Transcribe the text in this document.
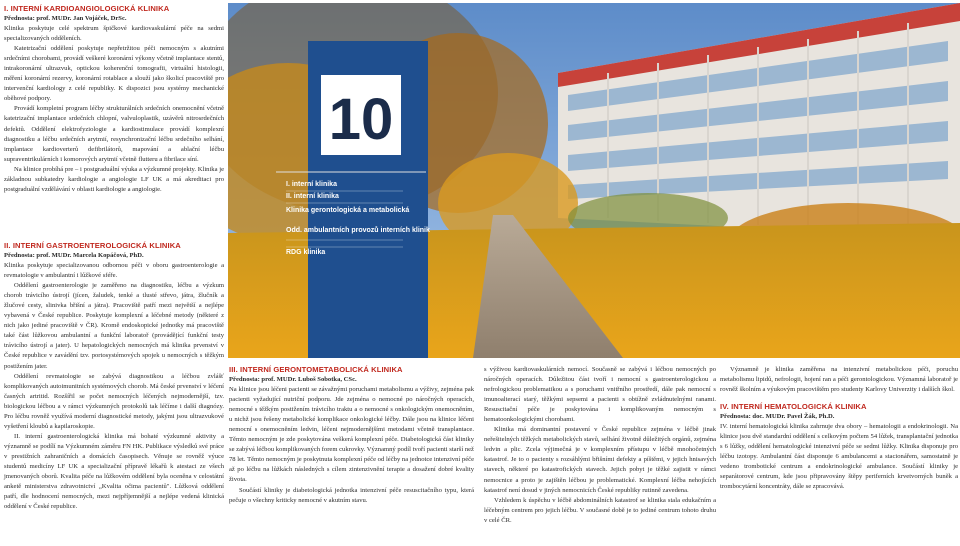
I. INTERNÍ KARDIOANGIOLOGICKÁ KLINIKA

Přednosta: prof. MUDr. Jan Vojáček, DrSc.

Klinika poskytuje celé spektrum špičkové kardiovaskulární péče na sedmi specializovaných odděleních.

Katetrizační oddělení poskytuje nepřetržitou péči nemocným s akutními srdečními chorobami, provádí veškeré koronární výkony včetně implantace stentů, intrakoronární ultrazvuk, optickou koherenční tomografii, virtuální histologii, měření koronární rezervy, koronární rotablace a slouží jako školicí pracoviště pro intervenční kardiology z celé republiky. K dispozici jsou systémy mechanické oběhové podpory.

Provádí kompletní program léčby strukturálních srdečních onemocnění včetně katetrizační implantace srdečních chlopní, valvuloplastik, uzávěrů nitrosrdečních defektů. Oddělení elektrofyziologie a kardiostimulace provádí komplexní diagnostiku a léčbu srdečních arytmií, resynchronizační léčbu srdečního selhání, implantace kardioverterů defibrilátorů, mapování a ablační léčbu supraventrikulárních i komorových arytmií včetně flutteru a fibrilace síní.

Na klinice probíhá pre – i postgraduální výuka a výzkumné projekty. Klinika je základnou subkatedry kardiologie a angiologie LF UK a má akreditaci pro postgraduální vzdělávání v oblasti kardiologie a angiologie.

II. INTERNÍ GASTROENTEROLOGICKÁ KLINIKA

Přednosta: prof. MUDr. Marcela Kopáčová, PhD.

Klinika poskytuje specializovanou odbornou péči v oboru gastroenterologie a revmatologie v ambulantní i lůžkové sféře.

Oddělení gastroenterologie je zaměřeno na diagnostiku, léčbu a výzkum chorob trávicího ústrojí (jícen, žaludek, tenké a tlusté střevo, játra, žlučník a žlučové cesty, slinivka břišní a játra). Pracoviště patří mezi největší a nejlépe vybavená v České republice. Poskytuje komplexní a léčebné metody (některé z nich jako jediné pracoviště v ČR). Kromě endoskopické jednotky má pracoviště také část lůžkovou ambulantní a funkční laboratoř (provádějící funkční testy trávicího ústrojí a jater). U hepatologických nemocných má klinika prvenství v České republice v zavádění tzv. portosystémových spojek u nemocných s těžkým postižením jater.

Oddělení revmatologie se zabývá diagnostikou a léčbou zvlášť komplikovaných autoimunitních systémových chorob. Má české prvenství v léčení časných artritid. Rozšířil se počet nemocných léčených nejmodernější, tzv. biologickou léčbou a v rámci výzkumných protokolů tak léčíme i další diagnózy. Pro léčbu rovněž využívá moderní diagnostické metody, jakými jsou ultrazvukové vyšetření kloubů a kapilaroskopie.

II. interní gastroenterologická klinika má bohaté výzkumné aktivity a významně se podílí na Výzkumném záměru FN HK. Publikace výsledků své práce v prestižních zahraničních a domácích časopisech. Věnuje se rovněž výuce studentů medicíny LF UK a specializační přípravě lékařů k atestaci ze všech jmenovaných oborů. Kvalita péče na lůžkovém oddělení byla oceněna v celostátní anketě ministerstva zdravotnictví „Kvalita očima pacientů". Lůžková oddělení patří, dle hodnocení nemocných, mezi nejpříjemnější a nejlépe vedená klinická oddělení v České republice.

10
I. interní klinika
II. interní klinika
Klinika gerontologická a metabolická
Odd. ambulantních provozů interních klinik
RDG klinika
III. INTERNÍ GERONTOMETABOLICKÁ KLINIKA

Přednosta: prof. MUDr. Luboš Sobotka, CSc.

Na klinice jsou léčeni pacienti se závažnými poruchami metabolismu a výživy, zejména pak pacienti vyžadující nutriční podporu. Jde zejména o nemocné po náročných operacích, nemocné s těžkým postižením trávicího traktu a o nemocné s onkologickým onemocněním, u nichž jsou řešeny metabolické komplikace onkologické léčby. Dále jsou na klinice léčeni nemocní s onemocněním ledvin, léčeni nejmodernějšími metodami včetně transplantace. Těmto nemocným je zde poskytována veškerá komplexní péče. Diabetologická část kliniky se zabývá léčbou komplikovaných forem cukrovky. Významný podíl tvoří pacienti starší než 78 let. Těmto nemocným je poskytnuta komplexní péče od léčby na jednotce intenzivní péče až po léčbu na lůžkách následných s cílem zintenzivnění terapie a dosažení dobré kvality života.

Součástí kliniky je diabetologická jednotka intenzivní péče resuscitačního typu, která pečuje o všechny kriticky nemocné v akutním stavu.

s výživou kardiovaskulárních nemocí. Současně se zabývá i léčbou nemocných po náročných operacích. Důležitou část tvoří i nemocní s gastroenterologickou a nefrologickou problematikou a s poruchami vnitřního prostředí, dále pak nemocní s imunoalterací starý, těžkými sepsemi a pacienti s obtížně zvládnutelnými ranami. Resuscitační péče je poskytována i komplikovaným nemocným s hematoonkologickými chorobami.

Klinika má dominantní postavení v České republice zejména v léčbě jinak neřešitelných těžkých metabolických stavů, selhání životně důležitých orgánů, zejména ledvin a plic. Zcela výjimečná je v komplexním přístupu v léčbě mnohočetných katastrof. Je to o pacienty s rozsáhlými břišními defekty a píštěmi, v jejich hnisavých stavech, některé po katastrofických stavech. Jejich pobyt je těžké zajistit v rámci nemocnice a proto je zajištěn léčbou je problematické. Komplexní léčba nehojících katastrof není dosud v jiných nemocnicích České republiky rutinně zavedena.

Vzhledem k úspěchu v léčbě abdominálních katastrof se klinika stala edukačním a léčebným centrem pro jejich léčbu. V současné době je to jediné centrum tohoto druhu v celé ČR.

Významně je klinika zaměřena na intenzivní metabolickou péči, poruchu metabolismu lipidů, nefrologii, hojení ran a péči gerontologickou. Významná laboratoř je rovněž školním a výukovým pracovištěm pro studenty Karlovy Univerzity i dalších škol.

IV. INTERNÍ HEMATOLOGICKÁ KLINIKA

Přednosta: doc. MUDr. Pavel Žák, Ph.D.

IV. interní hematologická klinika zahrnuje dva obory – hematologii a endokrinologii. Na klinice jsou dvě standardní oddělení s celkovým počtem 54 lůžek, transplantační jednotka s 6 lůžky, oddělení hematologické intenzivní péče se sedmi lůžky. Klinika disponuje pro léčbu izotopy. Ambulantní část disponuje 6 ambulancemi a stacionářem, samostatně je vedeno trombotické centrum a endokrinologické ambulance. Součástí kliniky je separátorové centrum, kde jsou připravovány štěpy periferních krvetvorných buněk a trombocytární koncentráty, dále se zpracovává.
